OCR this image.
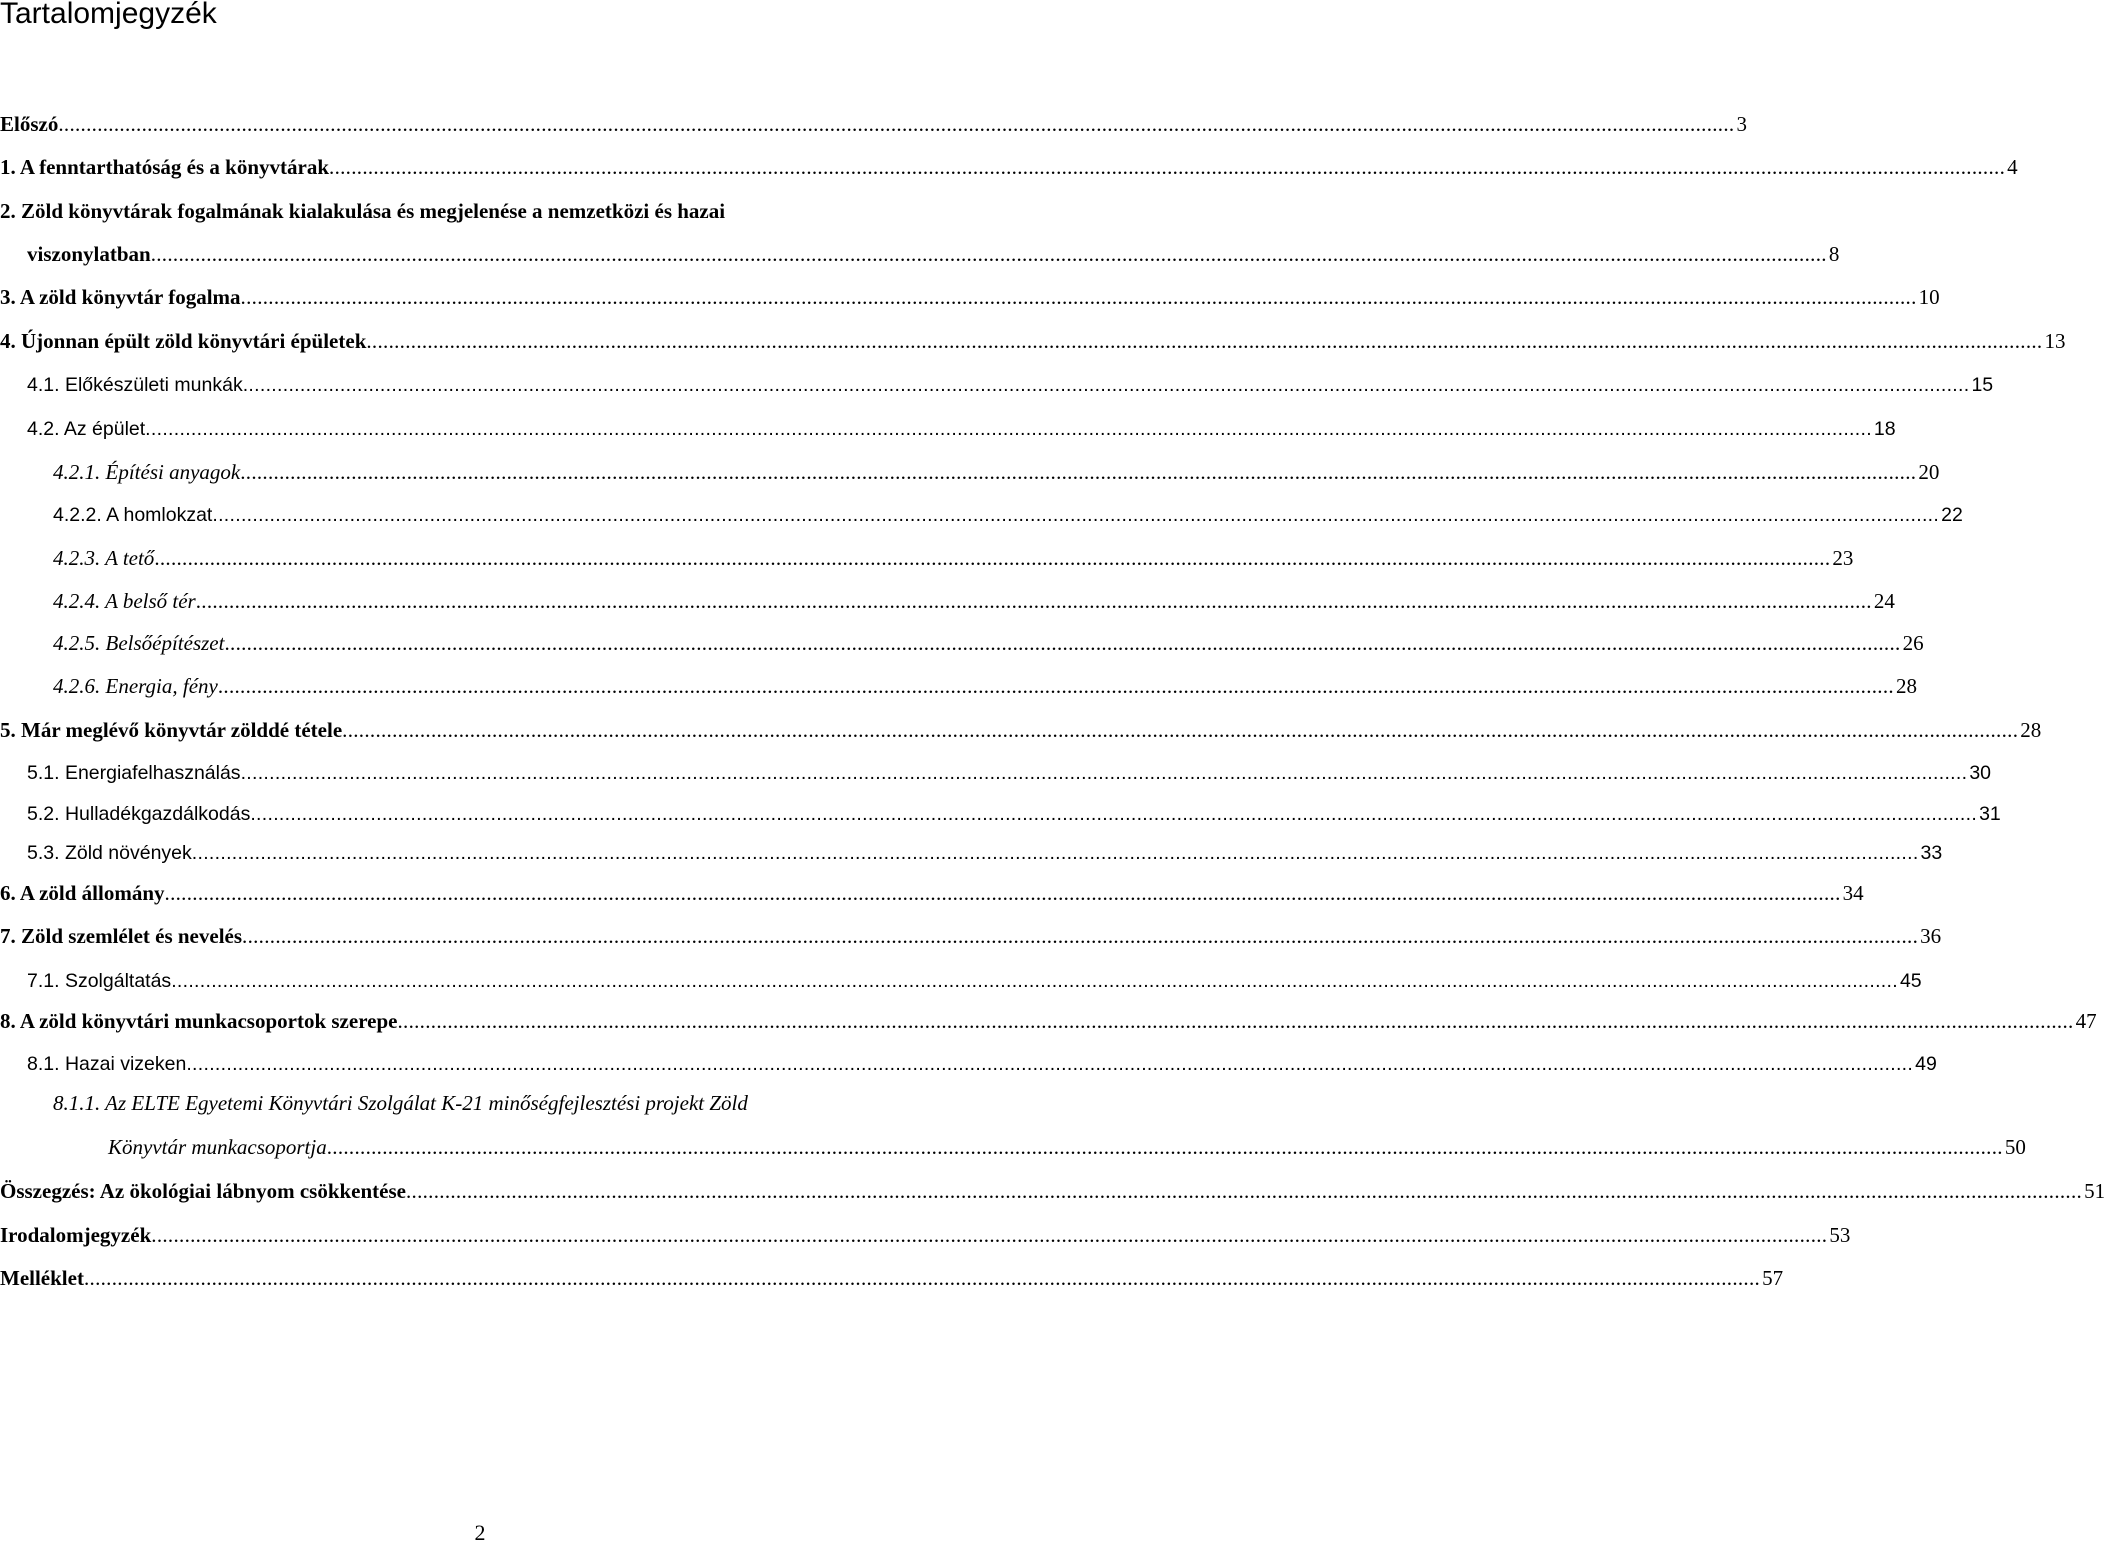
Tartalomjegyzék
Előszó .....	3
1. A fenntarthatóság és a könyvtárak .....	4
2. Zöld könyvtárak fogalmának kialakulása és megjelenése a nemzetközi és hazai
viszonylatban .....	8
3. A zöld könyvtár fogalma .....	10
4. Újonnan épült zöld könyvtári épületek .....	13
4.1. Előkészületi munkák .....	15
4.2. Az épület .....	18
4.2.1. Építési anyagok .....	20
4.2.2. A homlokzat .....	22
4.2.3. A tető .....	23
4.2.4. A belső tér .....	24
4.2.5. Belsőépítészet .....	26
4.2.6. Energia, fény .....	28
5. Már meglévő könyvtár zölddé tétele .....	28
5.1. Energiafelhasználás .....	30
5.2. Hulladékgazdálkodás .....	31
5.3. Zöld növények .....	33
6. A zöld állomány .....	34
7. Zöld szemlélet és nevelés .....	36
7.1. Szolgáltatás .....	45
8. A zöld könyvtári munkacsoportok szerepe .....	47
8.1. Hazai vizeken .....	49
8.1.1. Az ELTE Egyetemi Könyvtári Szolgálat K-21 minőségfejlesztési projekt Zöld
Könyvtár munkacsoportja .....	50
Összegzés: Az ökológiai lábnyom csökkentése .....	51
Irodalomjegyzék .....	53
Melléklet .....	57
2
